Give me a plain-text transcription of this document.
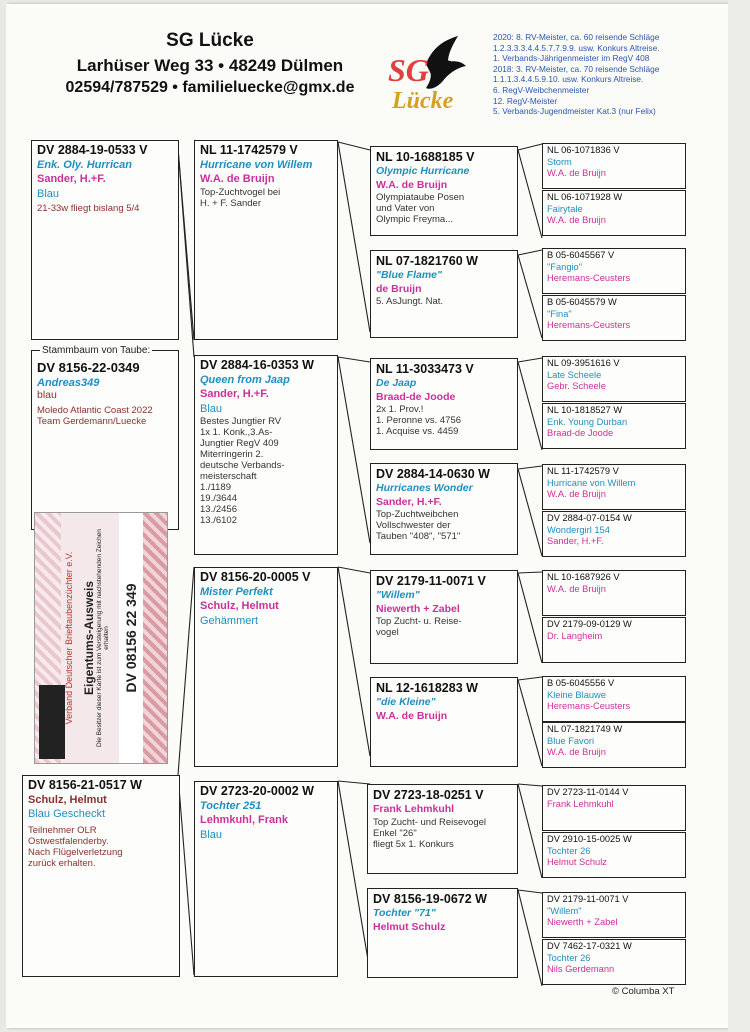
SG Lücke
Larhüser Weg 33 • 48249 Dülmen
02594/787529 • familieluecke@gmx.de	SG
Lücke
2020: 8. RV-Meister, ca. 60 reisende Schläge
1.2.3.3.3.4.4.5.7.7.9.9. usw. Konkurs Altreise.
1. Verbands-Jährigenmeister im RegV 408
2018: 3. RV-Meister, ca. 70 reisende Schläge
1.1.1.3.4.4.5.9.10. usw. Konkurs Altreise.
6. RegV-Weibchenmeister
12. RegV-Meister
5. Verbands-Jugendmeister Kat.3 (nur Felix)
DV 8156-22-0349
Andreas349
blau
Moledo Atlantic Coast 2022
Team Gerdemann/Luecke
Stammbaum von Taube:
Verband Deutscher Brieftaubenzüchter e.V. Eigentums-Ausweis Die Besitzer dieser Karte ist zum Versteigerung mit nachstehenden Zeichen erhalten DV 08156 22 349
DV 2884-19-0533 V
Enk. Oly. Hurrican
Sander, H.+F.
Blau
21-33w fliegt bislang 5/4
DV 8156-21-0517 W
Schulz, Helmut
Blau Gescheckt
Teilnehmer OLR
Ostwestfalenderby.
Nach Flügelverletzung
zurück erhalten.
NL 11-1742579 V
Hurricane von Willem
W.A. de Bruijn
Top-Zuchtvogel bei
H. + F. Sander
DV 2884-16-0353 W
Queen from Jaap
Sander, H.+F.
Blau
Bestes Jungtier RV
1x 1. Konk.,3.As-
Jungtier RegV 409
Miterringerin 2.
deutsche Verbands-
meisterschaft
1./1189
19./3644
13./2456
13./6102
DV 8156-20-0005 V
Mister Perfekt
Schulz, Helmut
Gehämmert
DV 2723-20-0002 W
Tochter 251
Lehmkuhl, Frank
Blau
NL 10-1688185 V
Olympic Hurricane
W.A. de Bruijn
Olympiataube Posen
und Vater von
Olympic Freyma...
NL 07-1821760 W
"Blue Flame"
de Bruijn
5. AsJungt. Nat.
NL 11-3033473 V
De Jaap
Braad-de Joode
2x 1. Prov.!
1. Peronne vs. 4756
1. Acquise vs. 4459
DV 2884-14-0630 W
Hurricanes Wonder
Sander, H.+F.
Top-Zuchtweibchen
Vollschwester der
Tauben "408", "571"
DV 2179-11-0071 V
"Willem"
Niewerth + Zabel
Top Zucht- u. Reise-
vogel
NL 12-1618283 W
"die Kleine"
W.A. de Bruijn
DV 2723-18-0251 V
Frank Lehmkuhl
Top Zucht- und Reisevogel
Enkel "26"
fliegt 5x 1. Konkurs
DV 8156-19-0672 W
Tochter "71"
Helmut Schulz
NL 06-1071836 V
Storm
W.A. de Bruijn
NL 06-1071928 W
Fairytale
W.A. de Bruijn
B 05-6045567 V
"Fangio"
Heremans-Ceusters
B 05-6045579 W
"Fina"
Heremans-Ceusters
NL 09-3951616 V
Late Scheele
Gebr. Scheele
NL 10-1818527 W
Enk. Young Durban
Braad-de Joode
NL 11-1742579 V
Hurricane von Willem
W.A. de Bruijn
DV 2884-07-0154 W
Wondergirl 154
Sander, H.+F.
NL 10-1687926 V
W.A. de Bruijn
DV 2179-09-0129 W
Dr. Langheim
B 05-6045556 V
Kleine Blauwe
Heremans-Ceusters
NL 07-1821749 W
Blue Favori
W.A. de Bruijn
DV 2723-11-0144 V
Frank Lehmkuhl
DV 2910-15-0025 W
Tochter 26
Helmut Schulz
DV 2179-11-0071 V
"Willem"
Niewerth + Zabel
DV 7462-17-0321 W
Tochter 26
Nils Gerdemann
© Columba XT
